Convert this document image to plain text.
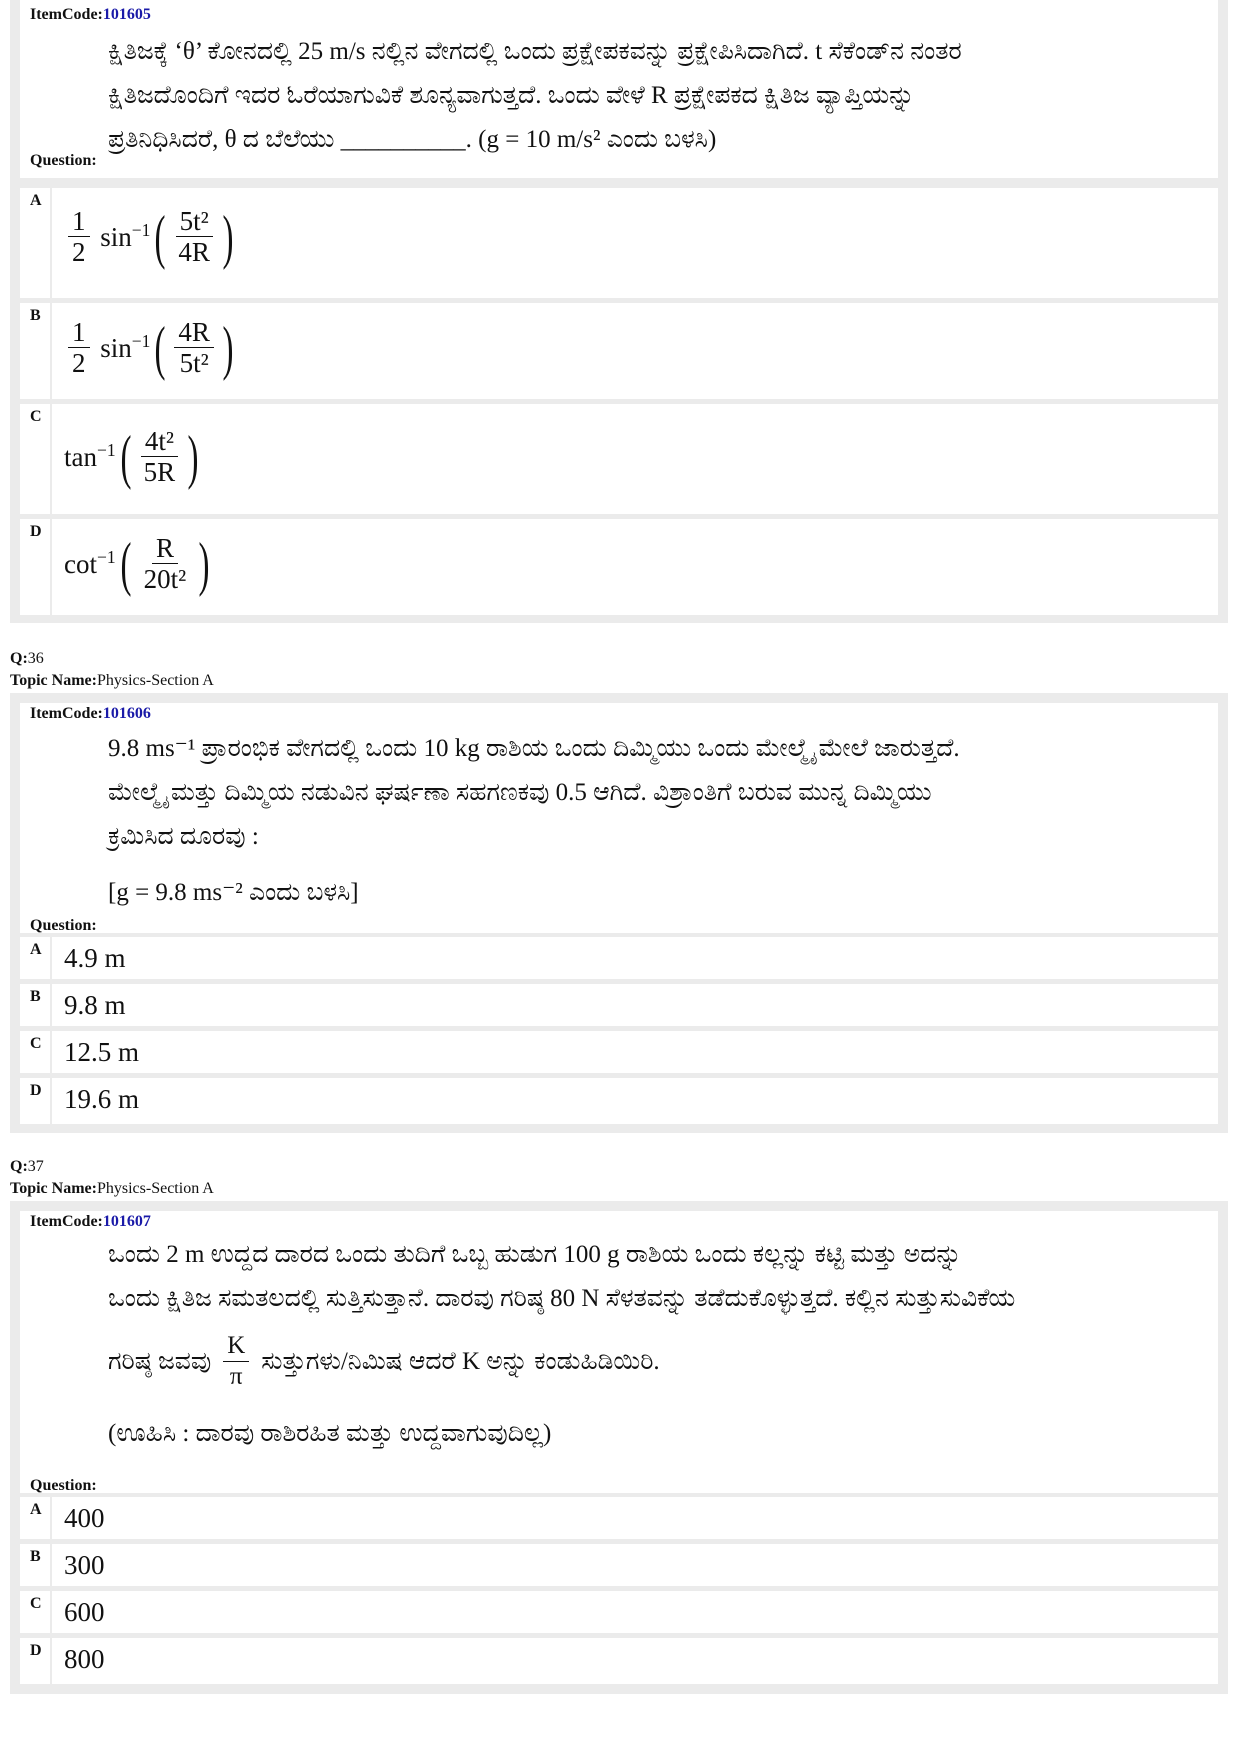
ItemCode:101605
ಕ್ಷಿತಿಜಕ್ಕೆ ‘θ’ ಕೋನದಲ್ಲಿ 25 m/s ನಲ್ಲಿನ ವೇಗದಲ್ಲಿ ಒಂದು ಪ್ರಕ್ಷೇಪಕವನ್ನು ಪ್ರಕ್ಷೇಪಿಸಿದಾಗಿದೆ. t ಸೆಕೆಂಡ್‌ನ ನಂತರ
ಕ್ಷಿತಿಜದೊಂದಿಗೆ ಇದರ ಓರೆಯಾಗುವಿಕೆ ಶೂನ್ಯವಾಗುತ್ತದೆ. ಒಂದು ವೇಳೆ R ಪ್ರಕ್ಷೇಪಕದ ಕ್ಷಿತಿಜ ವ್ಯಾಪ್ತಿಯನ್ನು
ಪ್ರತಿನಿಧಿಸಿದರೆ, θ ದ ಬೆಲೆಯು __________. (g = 10 m/s² ಎಂದು ಬಳಸಿ)
Question:
A
$\frac{1}{2} \sin^{-1}$ ( $\frac{\text{5t²}}{4R}$ )
B
$\frac{1}{2} \sin^{-1}$ ( $\frac{4R}{\text{5t²}}$ )
C
$\tan^{-1}$ ( $\frac{\text{4t²}}{5R}$ )
D
$\cot^{-1}$ ( $\frac{R}{\text{20t²}}$ )
Q:36
Topic Name:Physics-Section A
ItemCode:101606
9.8 ms⁻¹ ಪ್ರಾರಂಭಿಕ ವೇಗದಲ್ಲಿ ಒಂದು 10 kg ರಾಶಿಯ ಒಂದು ದಿಮ್ಮಿಯು ಒಂದು ಮೇಲ್ಮೈ ಮೇಲೆ ಜಾರುತ್ತದೆ.
ಮೇಲ್ಮೈ ಮತ್ತು ದಿಮ್ಮಿಯ ನಡುವಿನ ಘರ್ಷಣಾ ಸಹಗಣಕವು 0.5 ಆಗಿದೆ. ವಿಶ್ರಾಂತಿಗೆ ಬರುವ ಮುನ್ನ ದಿಮ್ಮಿಯು
ಕ್ರಮಿಸಿದ ದೂರವು :
[g = 9.8 ms⁻² ಎಂದು ಬಳಸಿ]
Question:
A 4.9 m
B 9.8 m
C 12.5 m
D 19.6 m
Q:37
Topic Name:Physics-Section A
ItemCode:101607
ಒಂದು 2 m ಉದ್ದದ ದಾರದ ಒಂದು ತುದಿಗೆ ಒಬ್ಬ ಹುಡುಗ 100 g ರಾಶಿಯ ಒಂದು ಕಲ್ಲನ್ನು ಕಟ್ಟಿ ಮತ್ತು ಅದನ್ನು
ಒಂದು ಕ್ಷಿತಿಜ ಸಮತಲದಲ್ಲಿ ಸುತ್ತಿಸುತ್ತಾನೆ. ದಾರವು ಗರಿಷ್ಠ 80 N ಸೆಳತವನ್ನು ತಡೆದುಕೊಳ್ಳುತ್ತದೆ. ಕಲ್ಲಿನ ಸುತ್ತುಸುವಿಕೆಯ
ಗರಿಷ್ಠ ಜವವು $\frac{K}{\pi}$ ಸುತ್ತುಗಳು/ನಿಮಿಷ ಆದರೆ K ಅನ್ನು ಕಂಡುಹಿಡಿಯಿರಿ.
(ಊಹಿಸಿ : ದಾರವು ರಾಶಿರಹಿತ ಮತ್ತು ಉದ್ದವಾಗುವುದಿಲ್ಲ)
Question:
A 400
B 300
C 600
D 800
